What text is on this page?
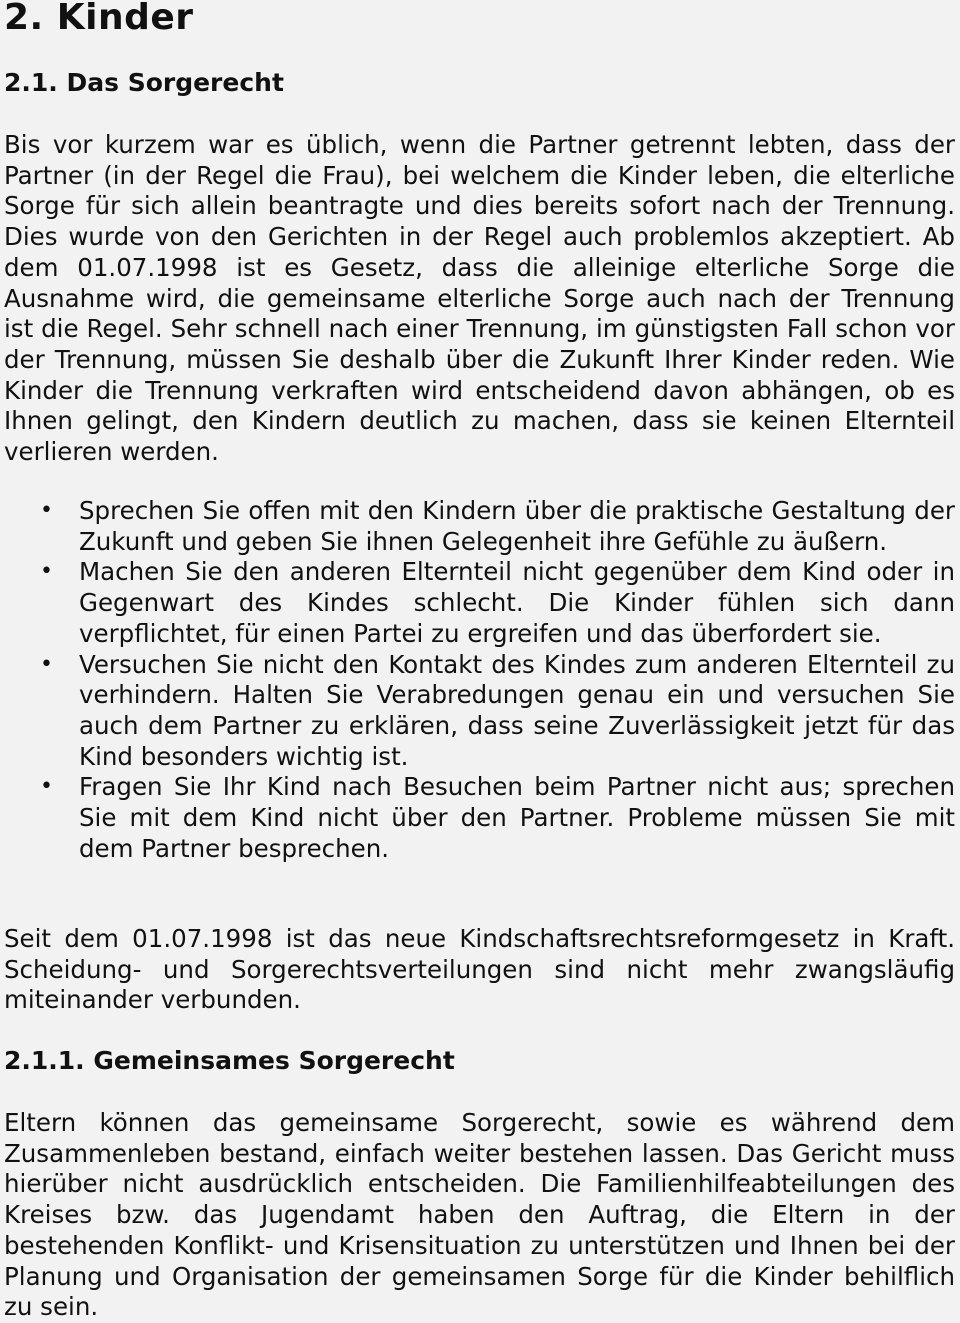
2. Kinder
2.1. Das Sorgerecht

Bis vor kurzem war es üblich, wenn die Partner getrennt lebten, dass der Partner (in der Regel die Frau), bei welchem die Kinder leben, die elterliche Sorge für sich allein beantragte und dies bereits sofort nach der Trennung. Dies wurde von den Gerichten in der Regel auch problemlos akzeptiert. Ab dem 01.07.1998 ist es Gesetz, dass die alleinige elterliche Sorge die Ausnahme wird, die gemeinsame elterliche Sorge auch nach der Trennung ist die Regel. Sehr schnell nach einer Trennung, im günstigsten Fall schon vor der Trennung, müssen Sie deshalb über die Zukunft Ihrer Kinder reden. Wie Kinder die Trennung verkraften wird entscheidend davon abhängen, ob es Ihnen gelingt, den Kindern deutlich zu machen, dass sie keinen Elternteil verlieren werden.

• Sprechen Sie offen mit den Kindern über die praktische Gestaltung der Zukunft und geben Sie ihnen Gelegenheit ihre Gefühle zu äußern.
• Machen Sie den anderen Elternteil nicht gegenüber dem Kind oder in Gegenwart des Kindes schlecht. Die Kinder fühlen sich dann verpflichtet, für einen Partei zu ergreifen und das überfordert sie.
• Versuchen Sie nicht den Kontakt des Kindes zum anderen Elternteil zu verhindern. Halten Sie Verabredungen genau ein und versuchen Sie auch dem Partner zu erklären, dass seine Zuverlässigkeit jetzt für das Kind besonders wichtig ist.
• Fragen Sie Ihr Kind nach Besuchen beim Partner nicht aus; sprechen Sie mit dem Kind nicht über den Partner. Probleme müssen Sie mit dem Partner besprechen.

Seit dem 01.07.1998 ist das neue Kindschaftsrechtsreformgesetz in Kraft. Scheidung- und Sorgerechtsverteilungen sind nicht mehr zwangsläufig miteinander verbunden.

2.1.1. Gemeinsames Sorgerecht

Eltern können das gemeinsame Sorgerecht, sowie es während dem Zusammenleben bestand, einfach weiter bestehen lassen. Das Gericht muss hierüber nicht ausdrücklich entscheiden. Die Familienhilfeabteilungen des Kreises bzw. das Jugendamt haben den Auftrag, die Eltern in der bestehenden Konflikt- und Krisensituation zu unterstützen und Ihnen bei der Planung und Organisation der gemeinsamen Sorge für die Kinder behilflich zu sein.
